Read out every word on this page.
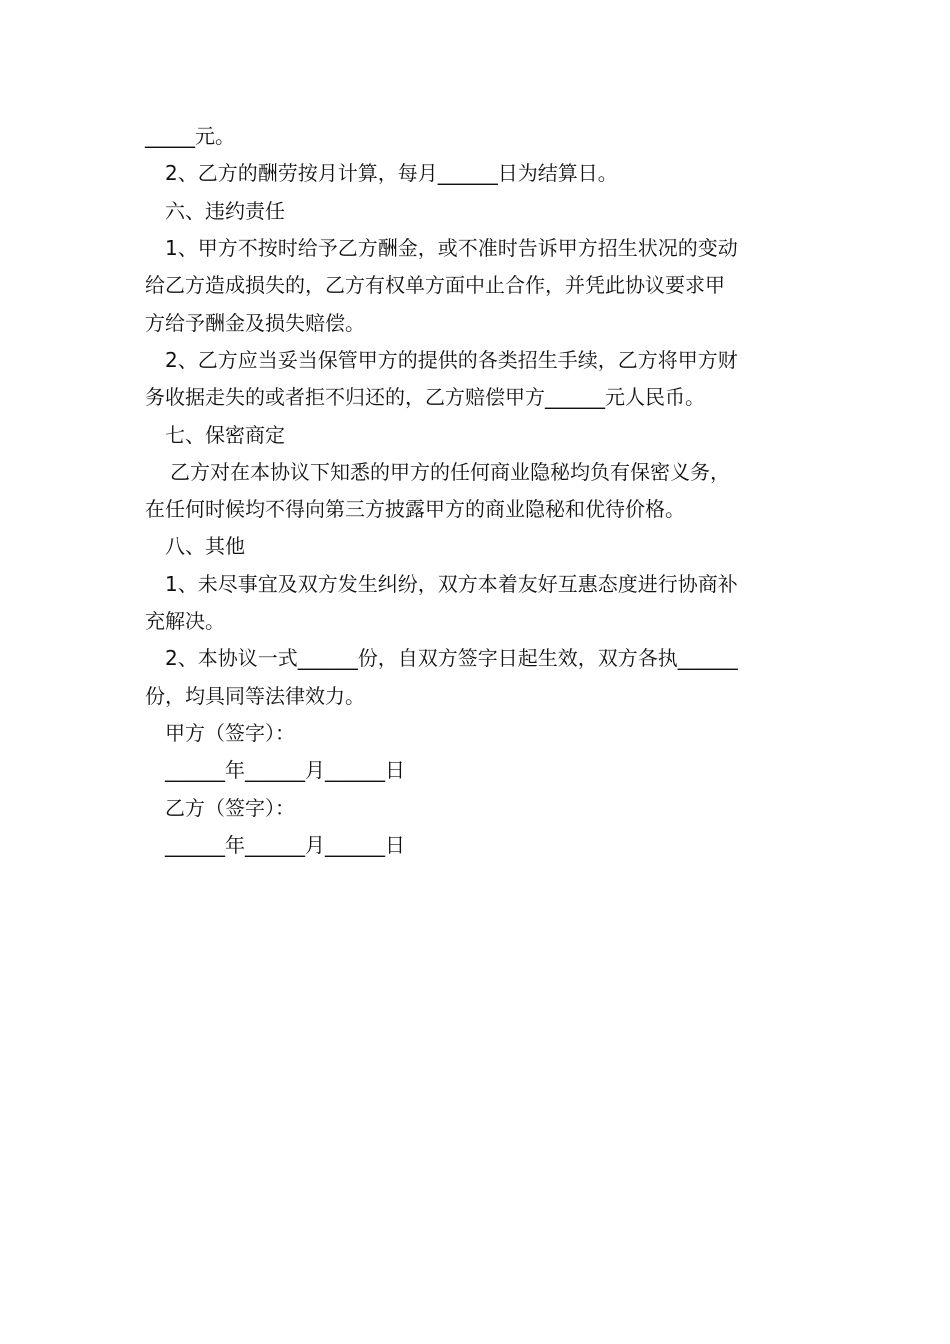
_____元。
2、乙方的酬劳按月计算，每月______日为结算日。
六、违约责任
1、甲方不按时给予乙方酬金，或不准时告诉甲方招生状况的变动
给乙方造成损失的，乙方有权单方面中止合作，并凭此协议要求甲
方给予酬金及损失赔偿。
2、乙方应当妥当保管甲方的提供的各类招生手续，乙方将甲方财
务收据走失的或者拒不归还的，乙方赔偿甲方______元人民币。
七、保密商定
乙方对在本协议下知悉的甲方的任何商业隐秘均负有保密义务，
在任何时候均不得向第三方披露甲方的商业隐秘和优待价格。
八、其他
1、未尽事宜及双方发生纠纷，双方本着友好互惠态度进行协商补
充解决。
2、本协议一式______份，自双方签字日起生效，双方各执______
份，均具同等法律效力。
甲方（签字）：
______年______月______日
乙方（签字）：
______年______月______日
